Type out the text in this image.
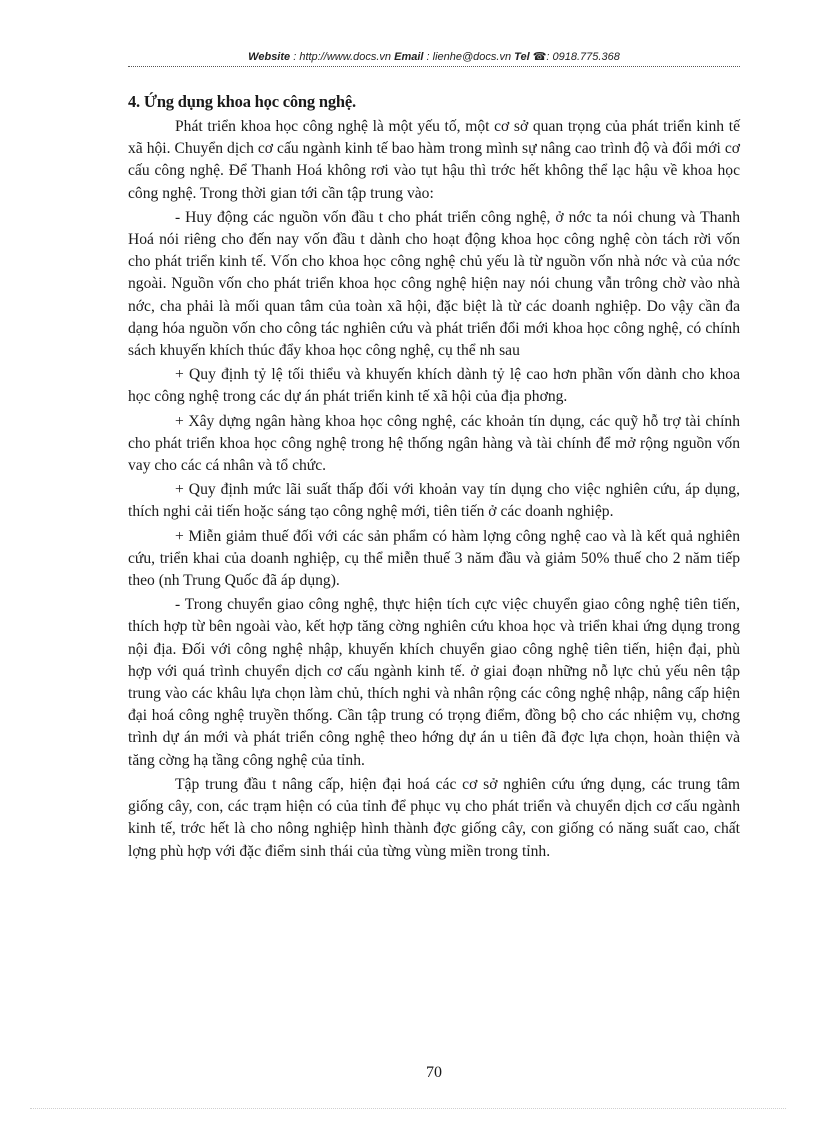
Website : http://www.docs.vn Email : lienhe@docs.vn Tel ☎: 0918.775.368
4. Ứng dụng khoa học công nghệ.

Phát triển khoa học công nghệ là một yếu tố, một cơ sở quan trọng của phát triển kinh tế xã hội. Chuyển dịch cơ cấu ngành kinh tế bao hàm trong mình sự nâng cao trình độ và đổi mới cơ cấu công nghệ. Để Thanh Hoá không rơi vào tụt hậu thì trớc hết không thể lạc hậu về khoa học công nghệ. Trong thời gian tới cần tập trung vào:

- Huy động các nguồn vốn đầu t cho phát triển công nghệ, ở nớc ta nói chung và Thanh Hoá nói riêng cho đến nay vốn đầu t dành cho hoạt động khoa học công nghệ còn tách rời vốn cho phát triển kinh tế. Vốn cho khoa học công nghệ chủ yếu là từ nguồn vốn nhà nớc và của nớc ngoài. Nguồn vốn cho phát triển khoa học công nghệ hiện nay nói chung vẫn trông chờ vào nhà nớc, cha phải là mối quan tâm của toàn xã hội, đặc biệt là từ các doanh nghiệp. Do vậy cần đa dạng hóa nguồn vốn cho công tác nghiên cứu và phát triển đổi mới khoa học công nghệ, có chính sách khuyến khích thúc đẩy khoa học công nghệ, cụ thể nh sau

+ Quy định tỷ lệ tối thiểu và khuyến khích dành tỷ lệ cao hơn phần vốn dành cho khoa học công nghệ trong các dự án phát triển kinh tế xã hội của địa phơng.

+ Xây dựng ngân hàng khoa học công nghệ, các khoản tín dụng, các quỹ hỗ trợ tài chính cho phát triển khoa học công nghệ trong hệ thống ngân hàng và tài chính để mở rộng nguồn vốn vay cho các cá nhân và tổ chức.

+ Quy định mức lãi suất thấp đối với khoản vay tín dụng cho việc nghiên cứu, áp dụng, thích nghi cải tiến hoặc sáng tạo công nghệ mới, tiên tiến ở các doanh nghiệp.

+ Miễn giảm thuế đối với các sản phẩm có hàm lợng công nghệ cao và là kết quả nghiên cứu, triển khai của doanh nghiệp, cụ thể miễn thuế 3 năm đầu và giảm 50% thuế cho 2 năm tiếp theo (nh Trung Quốc đã áp dụng).

- Trong chuyển giao công nghệ, thực hiện tích cực việc chuyển giao công nghệ tiên tiến, thích hợp từ bên ngoài vào, kết hợp tăng cờng nghiên cứu khoa học và triển khai ứng dụng trong nội địa. Đối với công nghệ nhập, khuyến khích chuyển giao công nghệ tiên tiến, hiện đại, phù hợp với quá trình chuyển dịch cơ cấu ngành kinh tế. ở giai đoạn những nỗ lực chủ yếu nên tập trung vào các khâu lựa chọn làm chủ, thích nghi và nhân rộng các công nghệ nhập, nâng cấp hiện đại hoá công nghệ truyền thống. Cần tập trung có trọng điểm, đồng bộ cho các nhiệm vụ, chơng trình dự án mới và phát triển công nghệ theo hớng dự án u tiên đã đợc lựa chọn, hoàn thiện và tăng cờng hạ tầng công nghệ của tỉnh.

Tập trung đầu t nâng cấp, hiện đại hoá các cơ sở nghiên cứu ứng dụng, các trung tâm giống cây, con, các trạm hiện có của tỉnh để phục vụ cho phát triển và chuyển dịch cơ cấu ngành kinh tế, trớc hết là cho nông nghiệp hình thành đợc giống cây, con giống có năng suất cao, chất lợng phù hợp với đặc điểm sinh thái của từng vùng miền trong tỉnh.

70
